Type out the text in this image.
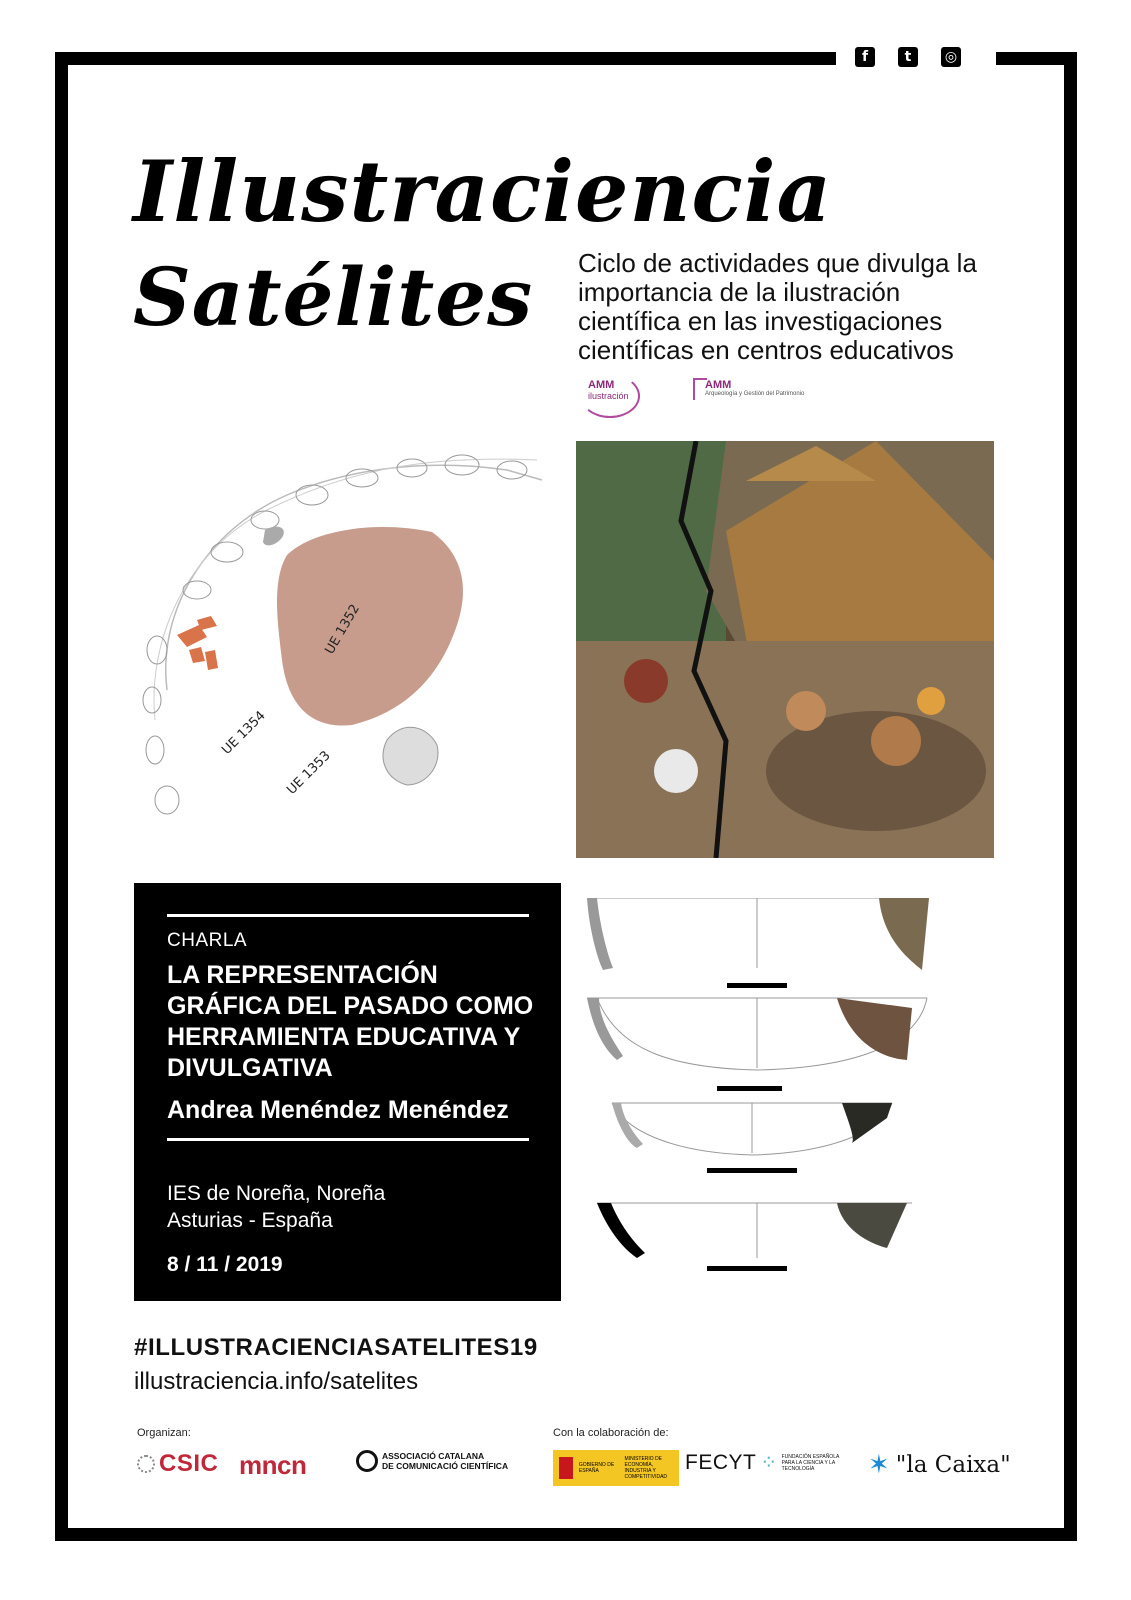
f	t	◎
Illustraciencia
Satélites Ciclo de actividades que divulga la importancia de la ilustración científica en las investigaciones científicas en centros educativos
AMM
ilustración
AMM
Arqueología y Gestión del Patrimonio
UE 1352
UE 1354
UE 1353
CHARLA
LA REPRESENTACIÓN GRÁFICA DEL PASADO COMO HERRAMIENTA EDUCATIVA Y DIVULGATIVA
Andrea Menéndez Menéndez
IES de Noreña, Noreña
Asturias - España
8 / 11 / 2019
#ILLUSTRACIENCIASATELITES19
illustraciencia.info/satelites
Organizan:	Con la colaboración de:
CSIC mncn	ASSOCIACIÓ CATALANA
DE COMUNICACIÓ CIENTÍFICA	GOBIERNO DE ESPAÑA
MINISTERIO DE ECONOMÍA, INDUSTRIA Y COMPETITIVIDAD
FECYT ⁘ FUNDACIÓN ESPAÑOLA PARA LA CIENCIA Y LA TECNOLOGÍA	✶ "la Caixa"
